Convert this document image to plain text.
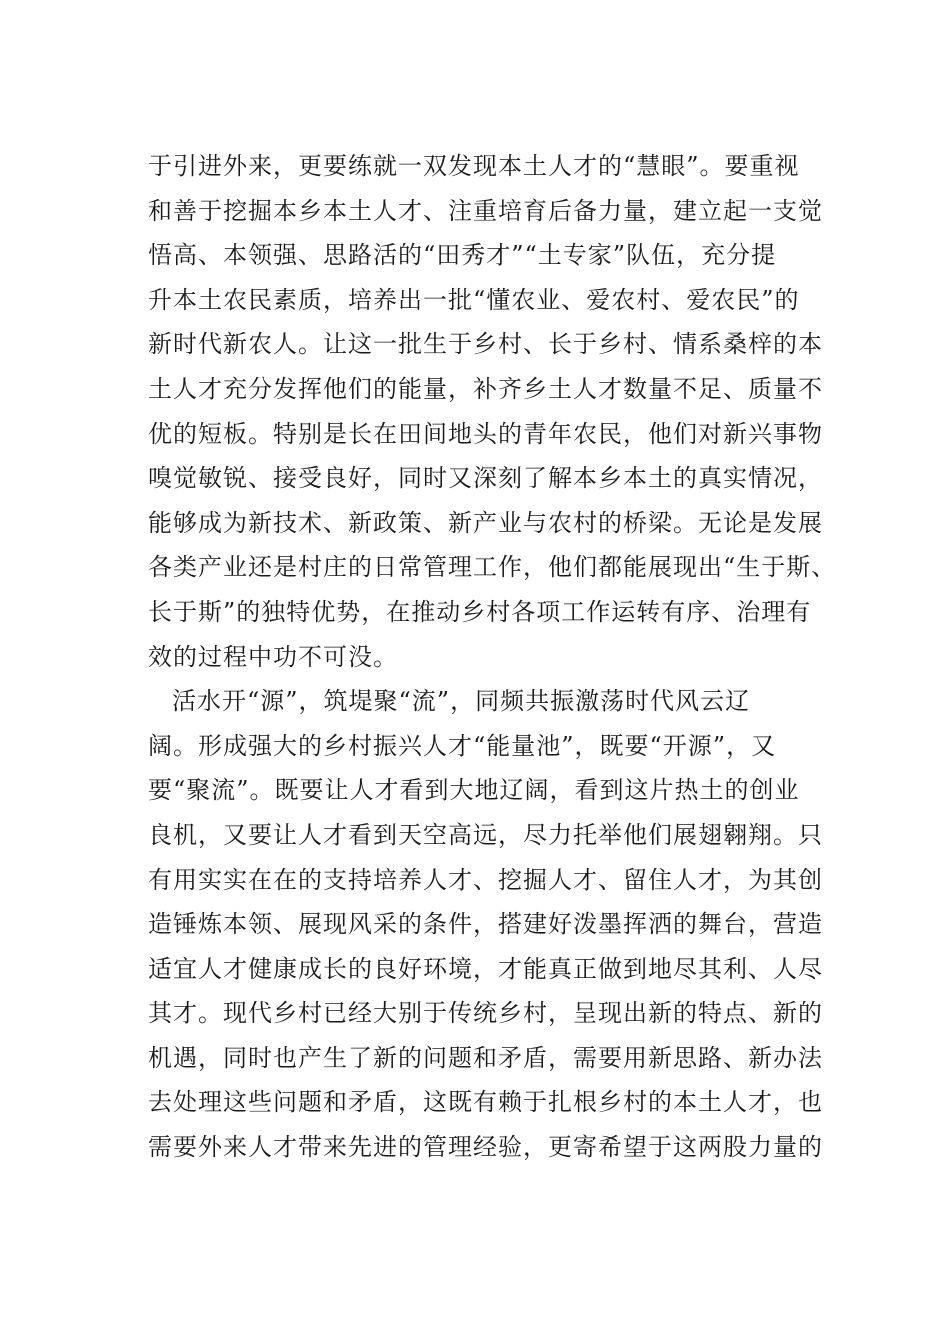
于引进外来，更要练就一双发现本土人才的“慧眼”。要重视
和善于挖掘本乡本土人才、注重培育后备力量，建立起一支觉
悟高、本领强、思路活的“田秀才”“土专家”队伍，充分提
升本土农民素质，培养出一批“懂农业、爱农村、爱农民”的
新时代新农人。让这一批生于乡村、长于乡村、情系桑梓的本
土人才充分发挥他们的能量，补齐乡土人才数量不足、质量不
优的短板。特别是长在田间地头的青年农民，他们对新兴事物
嗅觉敏锐、接受良好，同时又深刻了解本乡本土的真实情况，
能够成为新技术、新政策、新产业与农村的桥梁。无论是发展
各类产业还是村庄的日常管理工作，他们都能展现出“生于斯、
长于斯”的独特优势，在推动乡村各项工作运转有序、治理有
效的过程中功不可没。
活水开“源”，筑堤聚“流”，同频共振激荡时代风云辽
阔。形成强大的乡村振兴人才“能量池”，既要“开源”，又
要“聚流”。既要让人才看到大地辽阔，看到这片热土的创业
良机，又要让人才看到天空高远，尽力托举他们展翅翱翔。只
有用实实在在的支持培养人才、挖掘人才、留住人才，为其创
造锤炼本领、展现风采的条件，搭建好泼墨挥洒的舞台，营造
适宜人才健康成长的良好环境，才能真正做到地尽其利、人尽
其才。现代乡村已经大别于传统乡村，呈现出新的特点、新的
机遇，同时也产生了新的问题和矛盾，需要用新思路、新办法
去处理这些问题和矛盾，这既有赖于扎根乡村的本土人才，也
需要外来人才带来先进的管理经验，更寄希望于这两股力量的
